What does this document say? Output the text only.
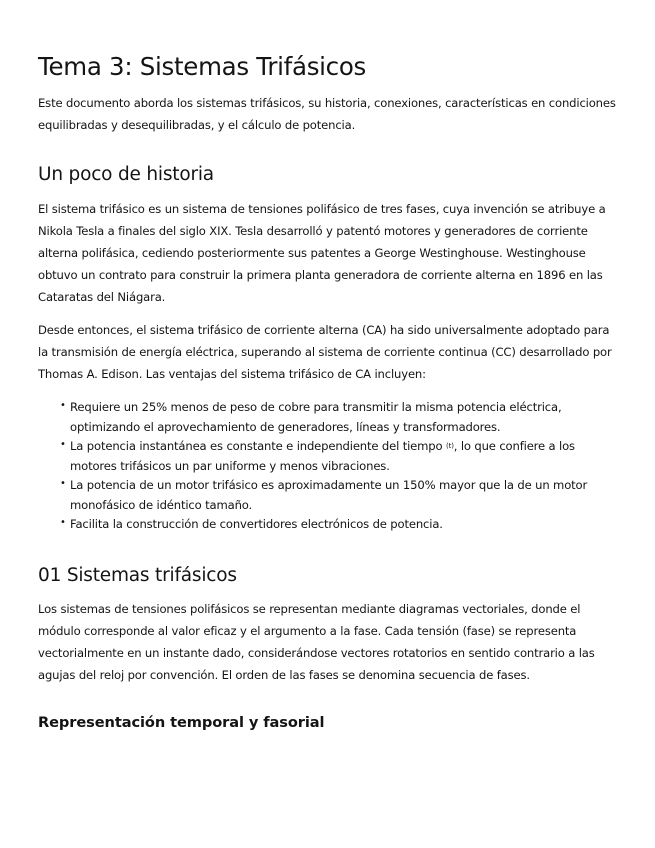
Tema 3: Sistemas Trifásicos

Este documento aborda los sistemas trifásicos, su historia, conexiones, características en condiciones equilibradas y desequilibradas, y el cálculo de potencia.

Un poco de historia

El sistema trifásico es un sistema de tensiones polifásico de tres fases, cuya invención se atribuye a Nikola Tesla a finales del siglo XIX. Tesla desarrolló y patentó motores y generadores de corriente alterna polifásica, cediendo posteriormente sus patentes a George Westinghouse. Westinghouse obtuvo un contrato para construir la primera planta generadora de corriente alterna en 1896 en las Cataratas del Niágara.

Desde entonces, el sistema trifásico de corriente alterna (CA) ha sido universalmente adoptado para la transmisión de energía eléctrica, superando al sistema de corriente continua (CC) desarrollado por Thomas A. Edison. Las ventajas del sistema trifásico de CA incluyen:

• Requiere un 25% menos de peso de cobre para transmitir la misma potencia eléctrica, optimizando el aprovechamiento de generadores, líneas y transformadores.
• La potencia instantánea es constante e independiente del tiempo (t), lo que confiere a los motores trifásicos un par uniforme y menos vibraciones.
• La potencia de un motor trifásico es aproximadamente un 150% mayor que la de un motor monofásico de idéntico tamaño.
• Facilita la construcción de convertidores electrónicos de potencia.
01 Sistemas trifásicos

Los sistemas de tensiones polifásicos se representan mediante diagramas vectoriales, donde el módulo corresponde al valor eficaz y el argumento a la fase. Cada tensión (fase) se representa vectorialmente en un instante dado, considerándose vectores rotatorios en sentido contrario a las agujas del reloj por convención. El orden de las fases se denomina secuencia de fases.

Representación temporal y fasorial
